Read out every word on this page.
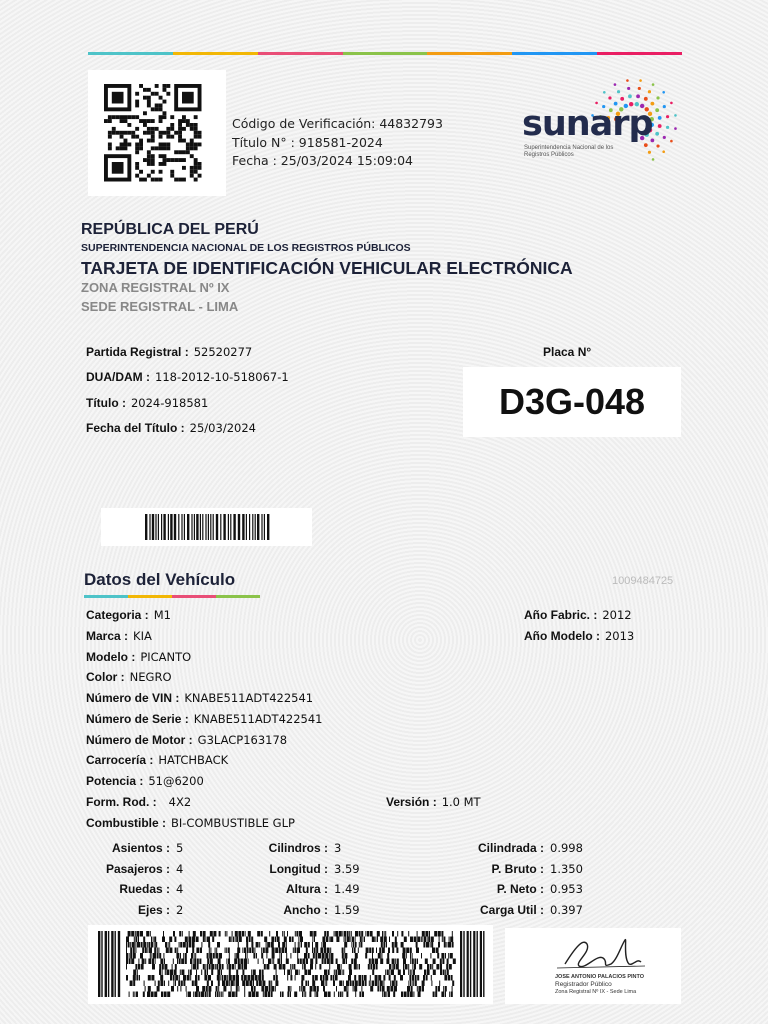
Código de Verificación: 44832793
Título N° : 918581-2024
Fecha : 25/03/2024 15:09:04
sunarp
Superintendencia Nacional de los Registros Públicos
REPÚBLICA DEL PERÚ
SUPERINTENDENCIA NACIONAL DE LOS REGISTROS PÚBLICOS
TARJETA DE IDENTIFICACIÓN VEHICULAR ELECTRÓNICA
ZONA REGISTRAL Nº IX
SEDE REGISTRAL - LIMA
Partida Registral : 52520277
DUA/DAM : 118-2012-10-518067-1
Título : 2024-918581
Fecha del Título : 25/03/2024
Placa N°
D3G-048
Datos del Vehículo	1009484725
Categoria : M1
Marca : KIA
Modelo : PICANTO
Color : NEGRO
Número de VIN : KNABE511ADT422541
Número de Serie : KNABE511ADT422541
Número de Motor : G3LACP163178
Carrocería : HATCHBACK
Potencia : 51@6200
Form. Rod. : 4X2
Combustible : BI-COMBUSTIBLE GLP
Año Fabric. : 2012
Año Modelo : 2013
Versión : 1.0 MT
Asientos : 5
Pasajeros : 4
Ruedas : 4
Ejes : 2
Cilindros : 3
Longitud : 3.59
Altura : 1.49
Ancho : 1.59
Cilindrada : 0.998
P. Bruto : 1.350
P. Neto : 0.953
Carga Util : 0.397
JOSE ANTONIO PALACIOS PINTO
Registrador Público
Zona Registral Nº IX - Sede Lima
